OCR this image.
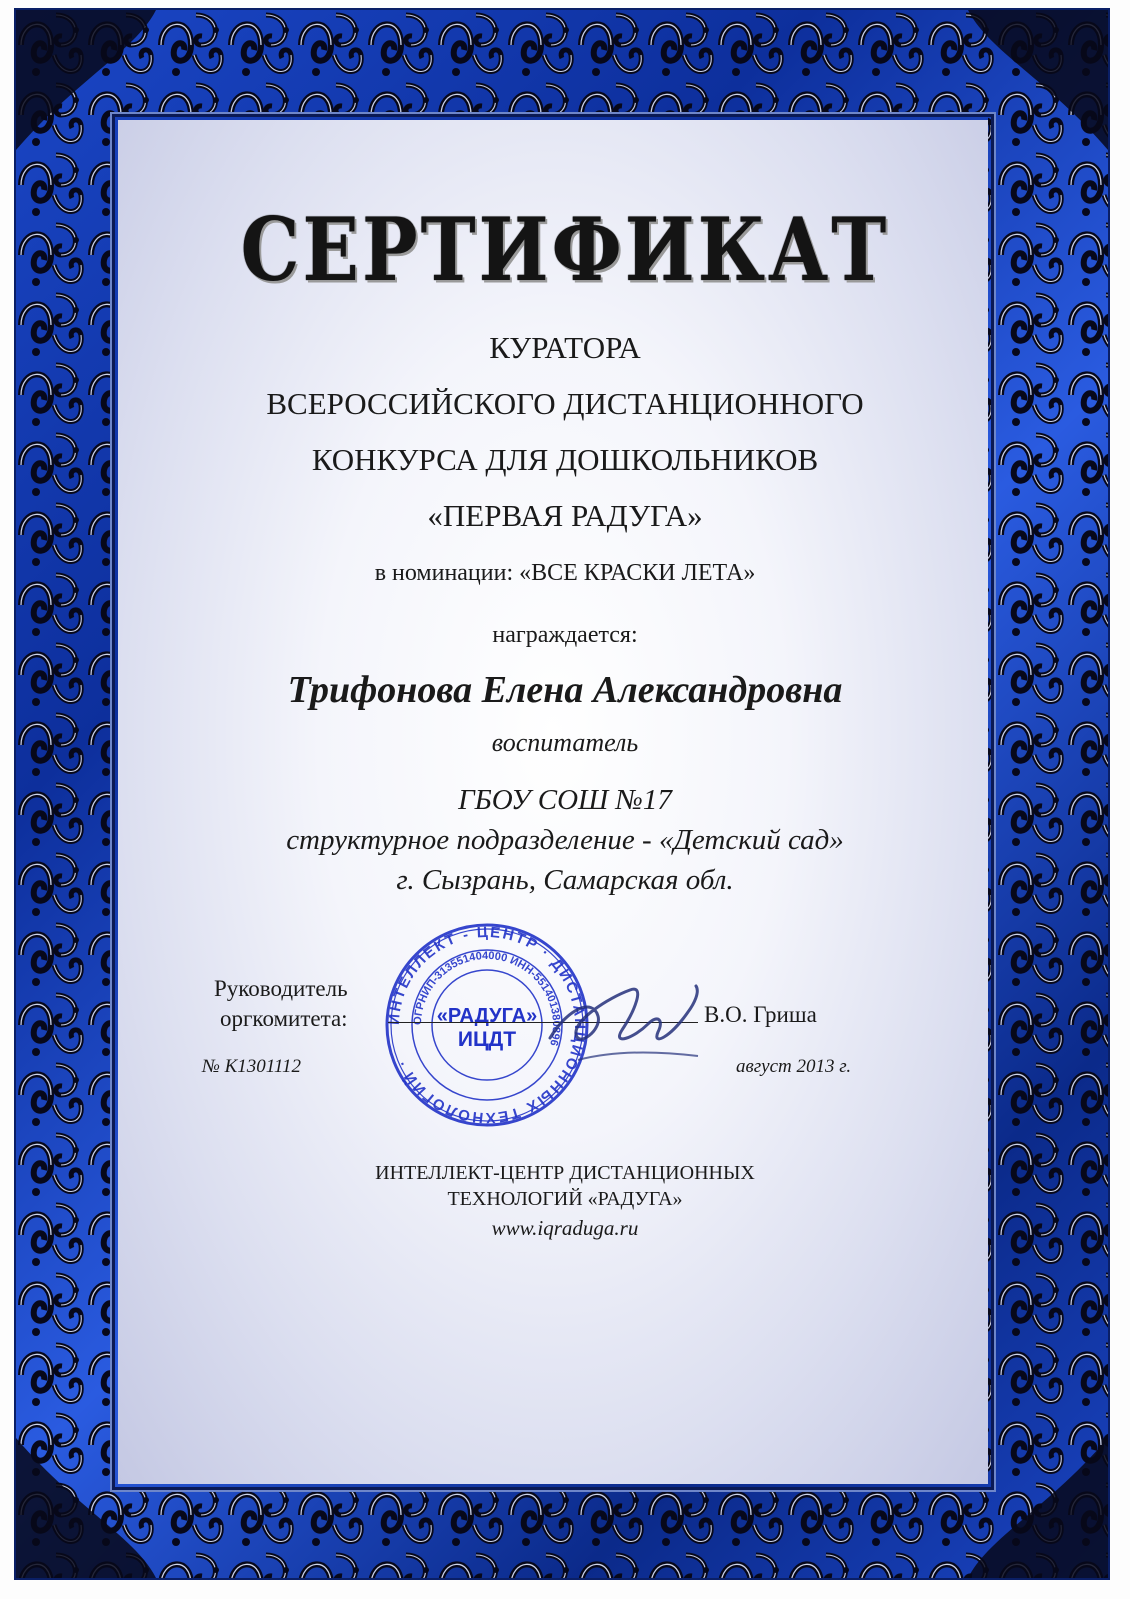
СЕРТИФИКАТ
КУРАТОРА
ВСЕРОССИЙСКОГО ДИСТАНЦИОННОГО
КОНКУРСА ДЛЯ ДОШКОЛЬНИКОВ
«ПЕРВАЯ РАДУГА»
в номинации: «ВСЕ КРАСКИ ЛЕТА»
награждается:
Трифонова Елена Александровна
воспитатель
ГБОУ СОШ №17
структурное подразделение - «Детский сад»
г. Сызрань, Самарская обл.
ИНТЕЛЛЕКТ - ЦЕНТР · ДИСТАНЦИОННЫХ ТЕХНОЛОГИЙ ·
ОГРНИП-313551404000 ИНН-551401380896
«РАДУГА»
ИЦДТ
Руководитель
оргкомитета:	В.О. Гриша
№ К1301112	август 2013 г.
ИНТЕЛЛЕКТ-ЦЕНТР ДИСТАНЦИОННЫХ
ТЕХНОЛОГИЙ «РАДУГА»
www.iqraduga.ru
